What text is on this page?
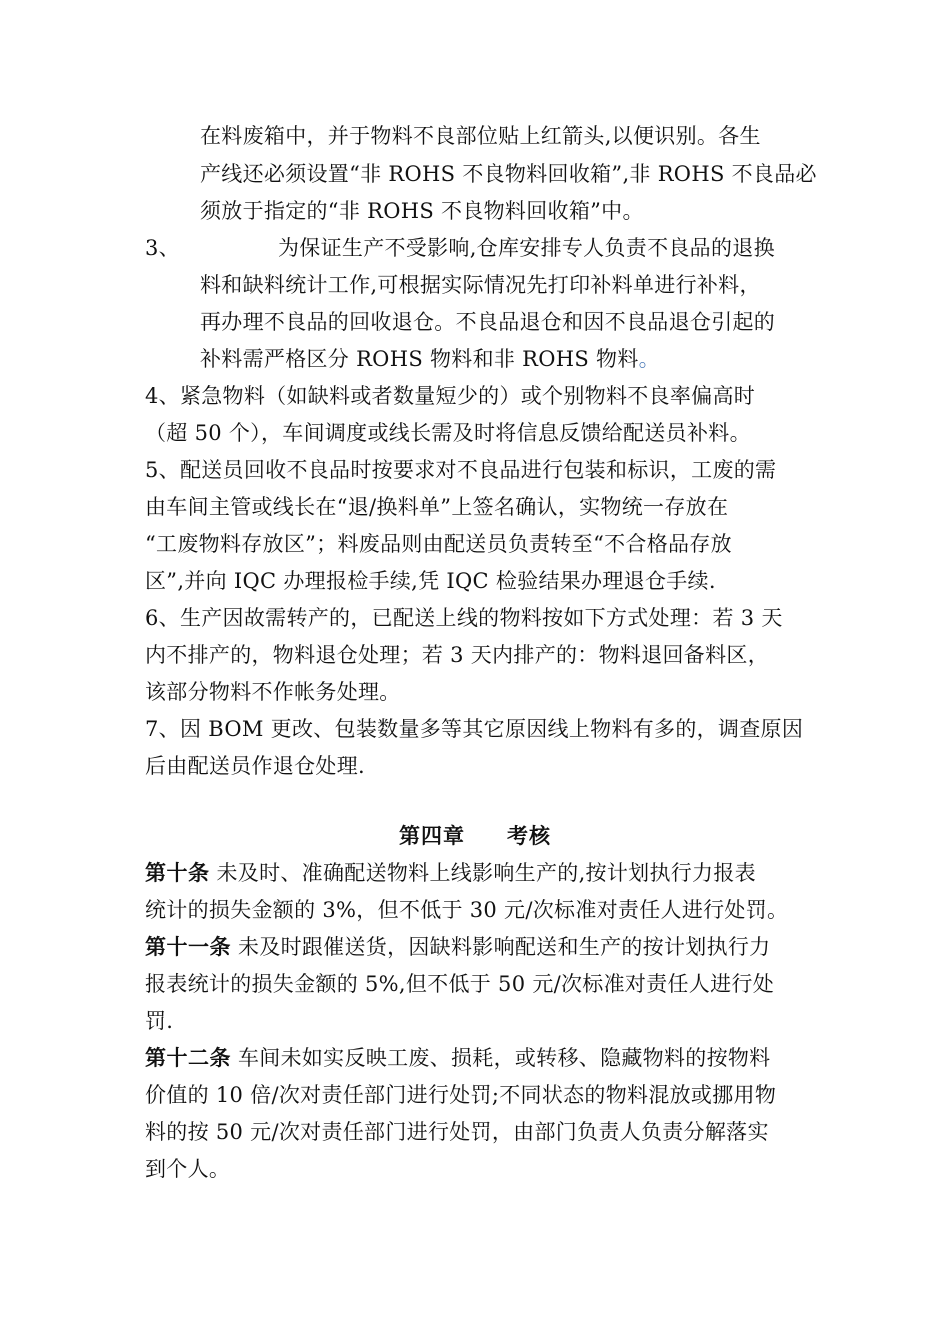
在料废箱中，并于物料不良部位贴上红箭头,以便识别。各生
产线还必须设置“非 ROHS 不良物料回收箱”,非 ROHS 不良品必
须放于指定的“非 ROHS 不良物料回收箱”中。
3、	为保证生产不受影响,仓库安排专人负责不良品的退换
料和缺料统计工作,可根据实际情况先打印补料单进行补料，
再办理不良品的回收退仓。不良品退仓和因不良品退仓引起的
补料需严格区分 ROHS 物料和非 ROHS 物料。
4、紧急物料（如缺料或者数量短少的）或个别物料不良率偏高时
（超 50 个），车间调度或线长需及时将信息反馈给配送员补料。
5、配送员回收不良品时按要求对不良品进行包装和标识，工废的需
由车间主管或线长在“退/换料单”上签名确认，实物统一存放在
“工废物料存放区”；料废品则由配送员负责转至“不合格品存放
区”,并向 IQC 办理报检手续,凭 IQC 检验结果办理退仓手续.
6、生产因故需转产的，已配送上线的物料按如下方式处理：若 3 天
内不排产的，物料退仓处理；若 3 天内排产的：物料退回备料区，
该部分物料不作帐务处理。
7、因 BOM 更改、包装数量多等其它原因线上物料有多的，调查原因
后由配送员作退仓处理.
第四章 考核
第十条 未及时、准确配送物料上线影响生产的,按计划执行力报表
统计的损失金额的 3%，但不低于 30 元/次标准对责任人进行处罚。
第十一条 未及时跟催送货，因缺料影响配送和生产的按计划执行力
报表统计的损失金额的 5%,但不低于 50 元/次标准对责任人进行处
罚.
第十二条 车间未如实反映工废、损耗，或转移、隐藏物料的按物料
价值的 10 倍/次对责任部门进行处罚;不同状态的物料混放或挪用物
料的按 50 元/次对责任部门进行处罚，由部门负责人负责分解落实
到个人。
